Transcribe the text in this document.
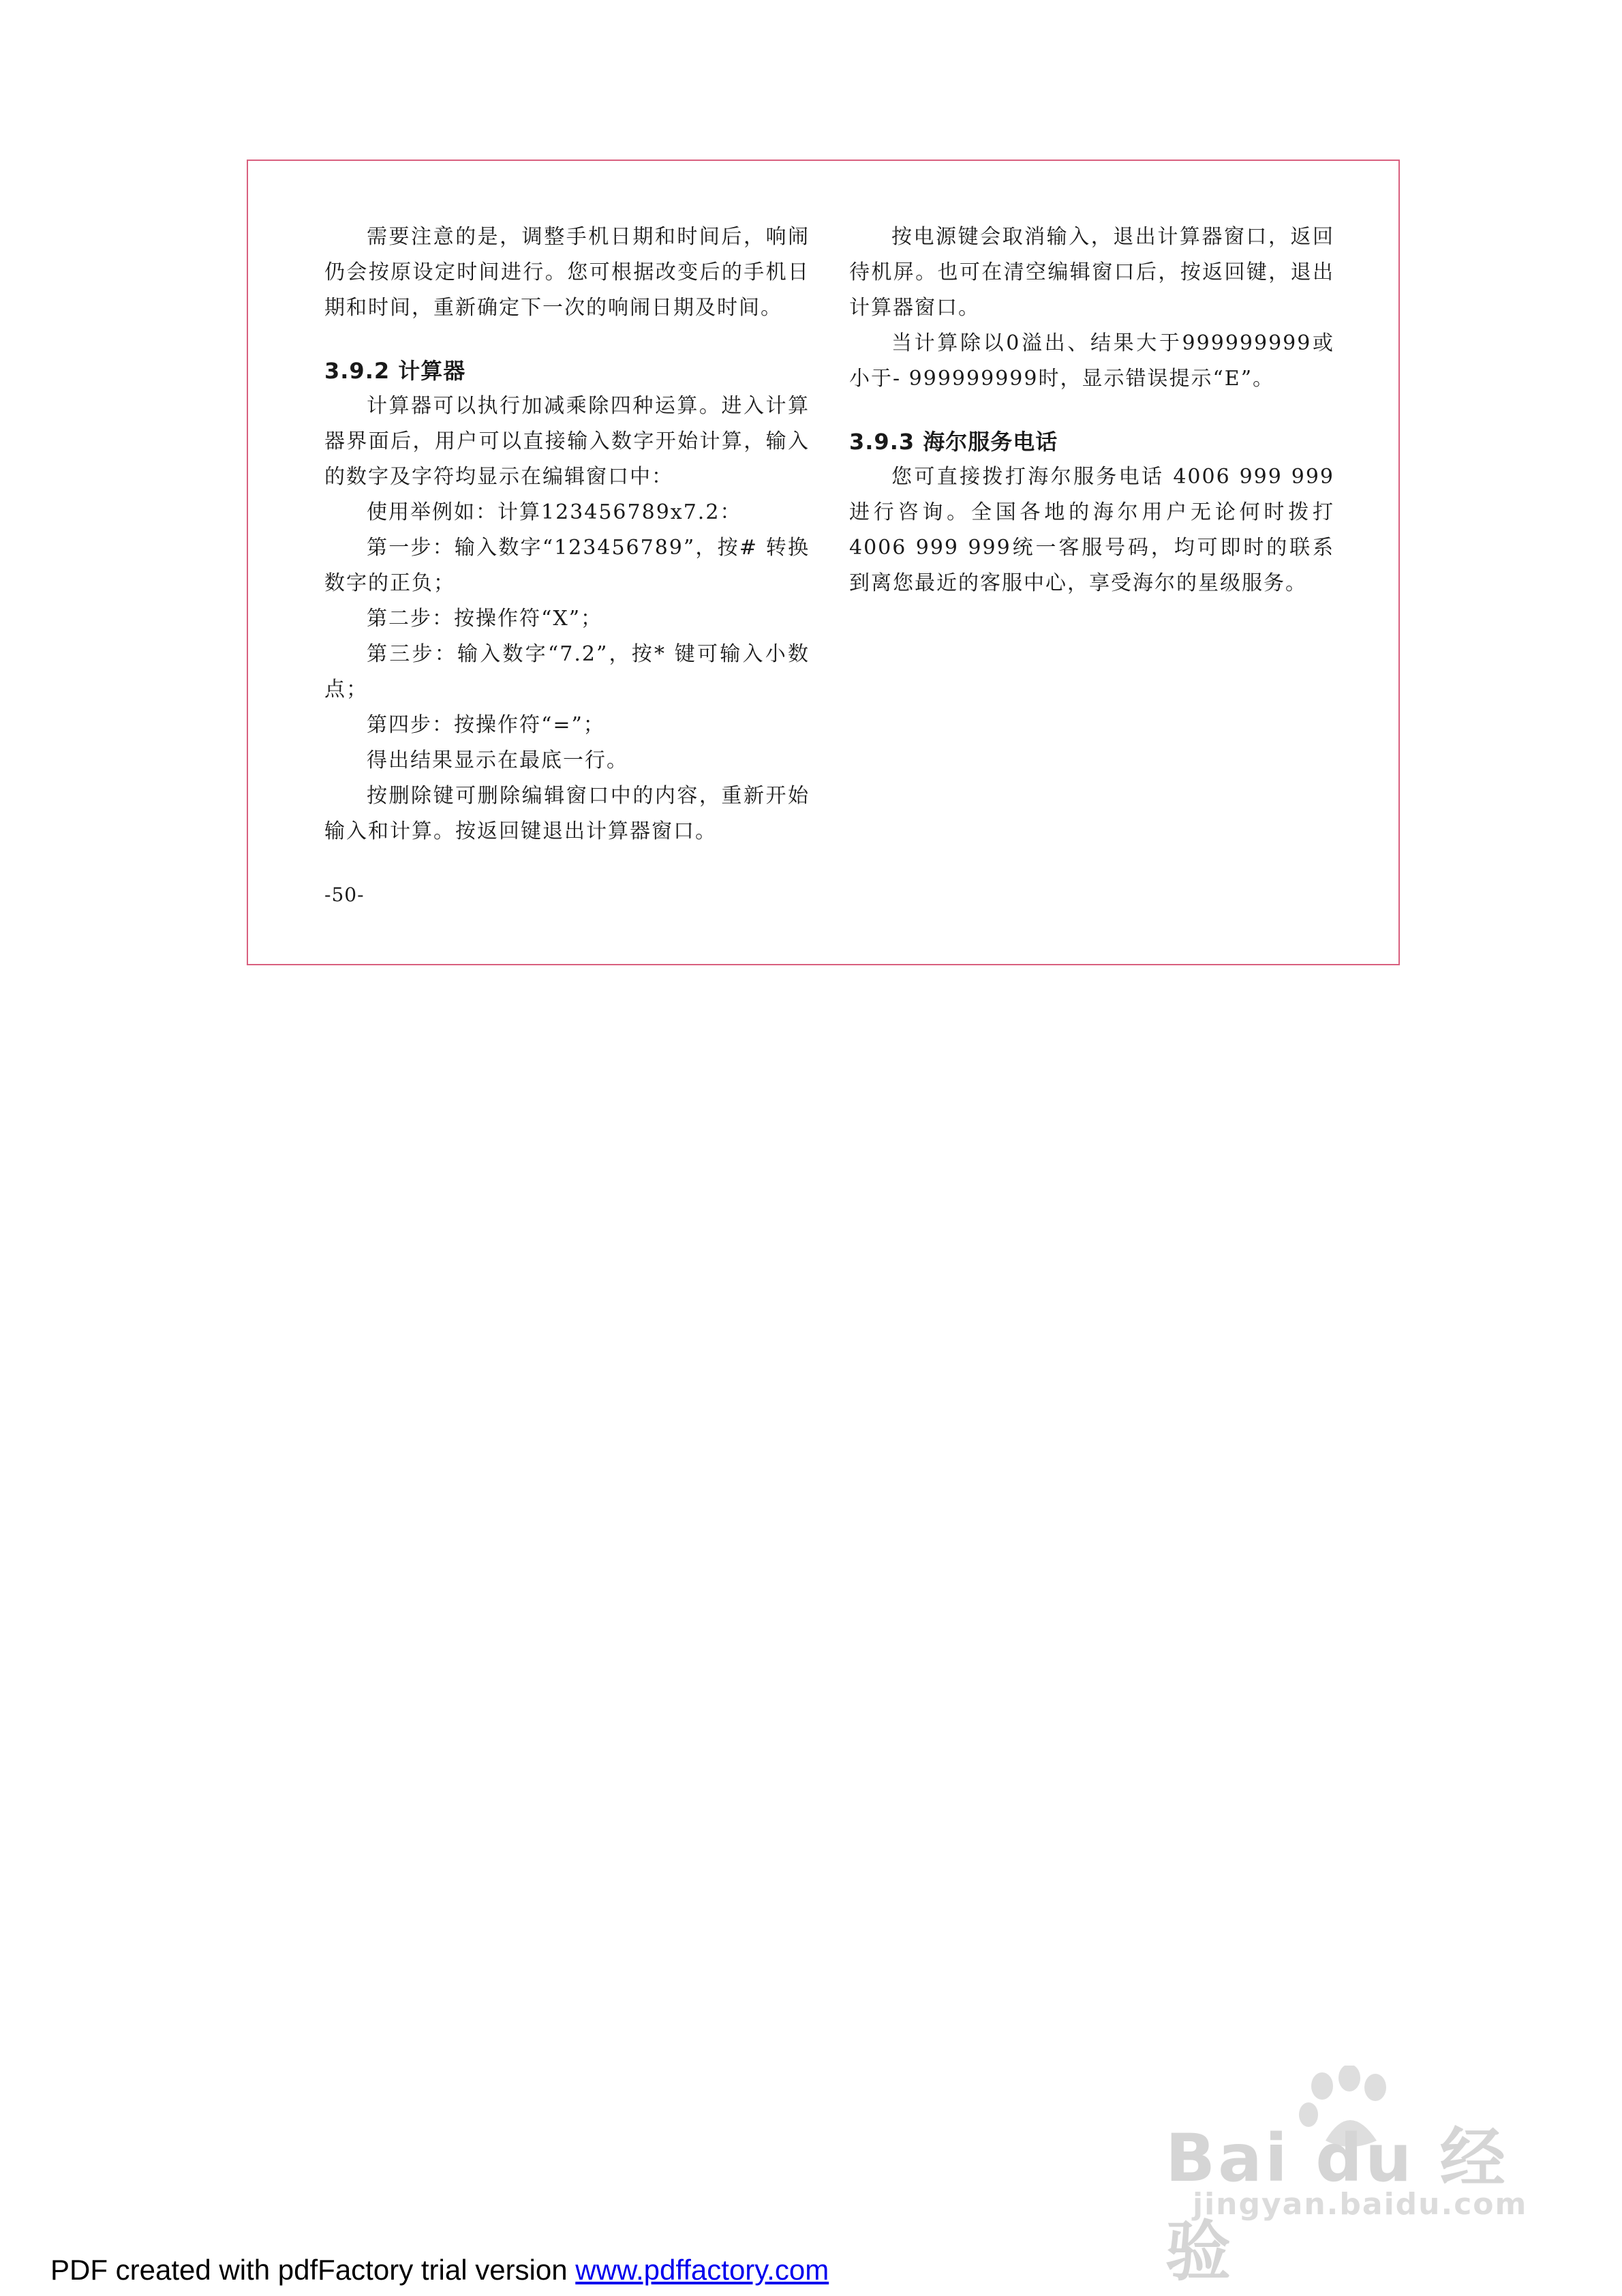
需要注意的是，调整手机日期和时间后，响闹仍会按原设定时间进行。您可根据改变后的手机日期和时间，重新确定下一次的响闹日期及时间。

3.9.2 计算器

计算器可以执行加减乘除四种运算。进入计算器界面后，用户可以直接输入数字开始计算，输入的数字及字符均显示在编辑窗口中：

使用举例如：计算123456789x7.2：

第一步：输入数字“123456789”，按# 转换数字的正负；

第二步：按操作符“X”；

第三步：输入数字“7.2”，按* 键可输入小数点；

第四步：按操作符“=”；

得出结果显示在最底一行。

按删除键可删除编辑窗口中的内容，重新开始输入和计算。按返回键退出计算器窗口。

按电源键会取消输入，退出计算器窗口，返回待机屏。也可在清空编辑窗口后，按返回键，退出计算器窗口。

当计算除以0溢出、结果大于999999999或小于- 999999999时，显示错误提示“E”。

3.9.3 海尔服务电话

您可直接拨打海尔服务电话 4006 999 999进行咨询。全国各地的海尔用户无论何时拨打4006 999 999统一客服号码，均可即时的联系到离您最近的客服中心，享受海尔的星级服务。

-50-
Bai du 经验
jingyan.baidu.com
PDF created with pdfFactory trial version www.pdffactory.com
